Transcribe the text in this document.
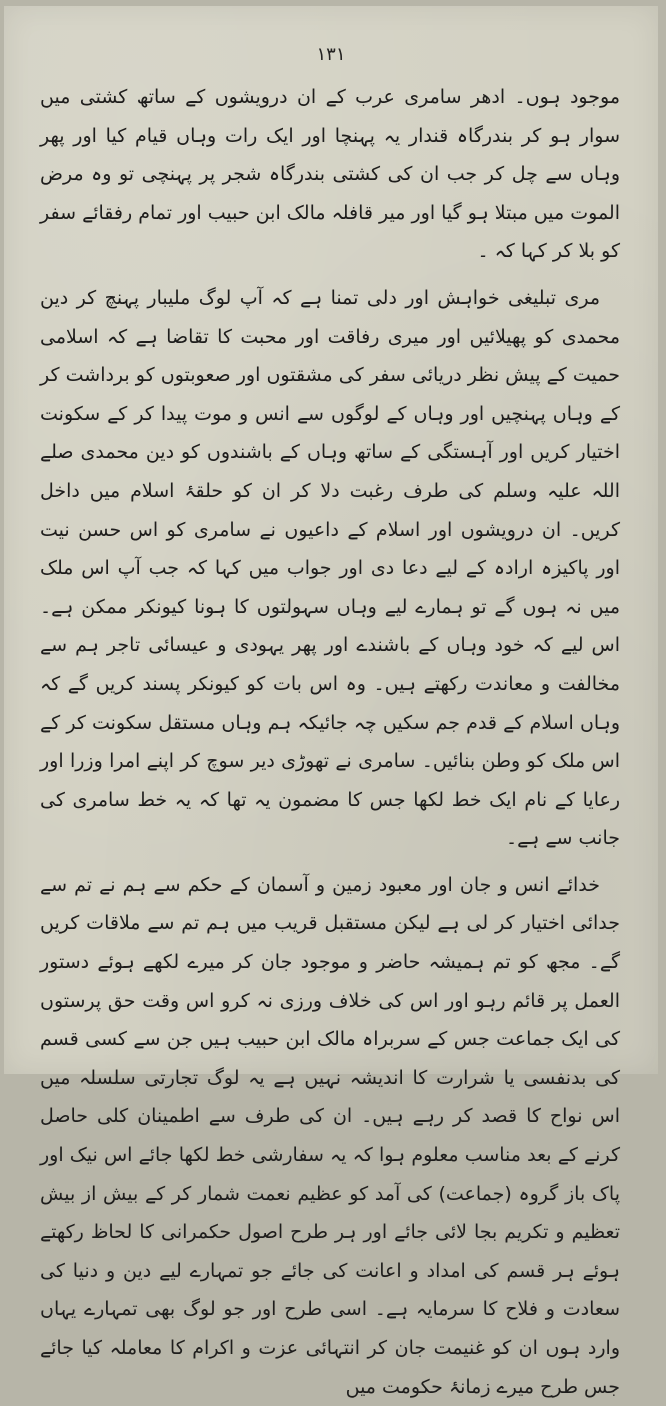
۱۳۱

موجود ہوں۔ ادھر سامری عرب کے ان درویشوں کے ساتھ کشتی میں سوار ہو کر بندرگاہ قندار یہ پہنچا اور ایک رات وہاں قیام کیا اور پھر وہاں سے چل کر جب ان کی کشتی بندرگاہ شجر پر پہنچی تو وہ مرض الموت میں مبتلا ہو گیا اور میر قافلہ مالک ابن حبیب اور تمام رفقائے سفر کو بلا کر کہا کہ ۔

مری تبلیغی خواہش اور دلی تمنا ہے کہ آپ لوگ ملیبار پہنچ کر دین محمدی کو پھیلائیں اور میری رفاقت اور محبت کا تقاضا ہے کہ اسلامی حمیت کے پیش نظر دریائی سفر کی مشقتوں اور صعوبتوں کو برداشت کر کے وہاں پہنچیں اور وہاں کے لوگوں سے انس و موت پیدا کر کے سکونت اختیار کریں اور آہستگی کے ساتھ وہاں کے باشندوں کو دین محمدی صلے اللہ علیہ وسلم کی طرف رغبت دلا کر ان کو حلقۂ اسلام میں داخل کریں۔ ان درویشوں اور اسلام کے داعیوں نے سامری کو اس حسن نیت اور پاکیزہ ارادہ کے لیے دعا دی اور جواب میں کہا کہ جب آپ اس ملک میں نہ ہوں گے تو ہمارے لیے وہاں سہولتوں کا ہونا کیونکر ممکن ہے۔ اس لیے کہ خود وہاں کے باشندے اور پھر یہودی و عیسائی تاجر ہم سے مخالفت و معاندت رکھتے ہیں۔ وہ اس بات کو کیونکر پسند کریں گے کہ وہاں اسلام کے قدم جم سکیں چہ جائیکہ ہم وہاں مستقل سکونت کر کے اس ملک کو وطن بنائیں۔ سامری نے تھوڑی دیر سوچ کر اپنے امرا وزرا اور رعایا کے نام ایک خط لکھا جس کا مضمون یہ تھا کہ یہ خط سامری کی جانب سے ہے۔

خدائے انس و جان اور معبود زمین و آسمان کے حکم سے ہم نے تم سے جدائی اختیار کر لی ہے لیکن مستقبل قریب میں ہم تم سے ملاقات کریں گے۔ مجھ کو تم ہمیشہ حاضر و موجود جان کر میرے لکھے ہوئے دستور العمل پر قائم رہو اور اس کی خلاف ورزی نہ کرو اس وقت حق پرستوں کی ایک جماعت جس کے سربراہ مالک ابن حبیب ہیں جن سے کسی قسم کی بدنفسی یا شرارت کا اندیشہ نہیں ہے یہ لوگ تجارتی سلسلہ میں اس نواح کا قصد کر رہے ہیں۔ ان کی طرف سے اطمینان کلی حاصل کرنے کے بعد مناسب معلوم ہوا کہ یہ سفارشی خط لکھا جائے اس نیک اور پاک باز گروہ (جماعت) کی آمد کو عظیم نعمت شمار کر کے بیش از بیش تعظیم و تکریم بجا لائی جائے اور ہر طرح اصول حکمرانی کا لحاظ رکھتے ہوئے ہر قسم کی امداد و اعانت کی جائے جو تمہارے لیے دین و دنیا کی سعادت و فلاح کا سرمایہ ہے۔ اسی طرح اور جو لوگ بھی تمہارے یہاں وارد ہوں ان کو غنیمت جان کر انتہائی عزت و اکرام کا معاملہ کیا جائے جس طرح میرے زمانۂ حکومت میں
